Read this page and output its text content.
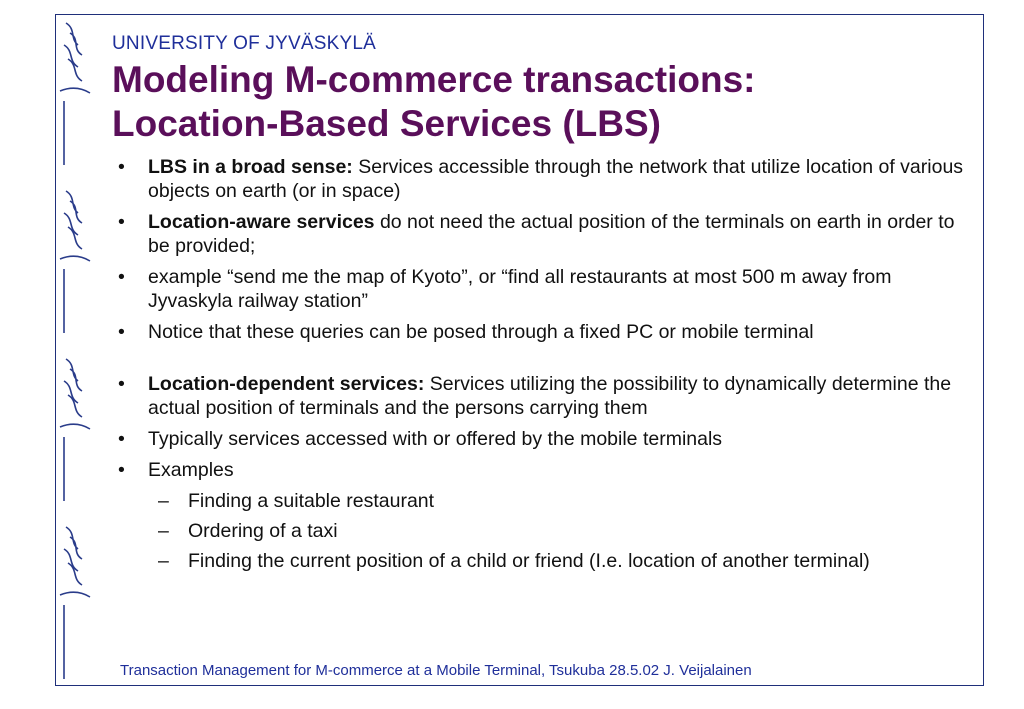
UNIVERSITY OF JYVÄSKYLÄ
Modeling M-commerce transactions:
Location-Based Services (LBS)
• LBS in a broad sense: Services accessible through the network that utilize location of various objects on earth (or in space)
• Location-aware services do not need the actual position of the terminals on earth in order to be provided;
• example “send me the map of Kyoto”, or “find all restaurants at most 500 m away from Jyvaskyla railway station”
• Notice that these queries can be posed through a fixed PC or mobile terminal
• Location-dependent services: Services utilizing the possibility to dynamically determine the actual position of terminals and the persons carrying them
• Typically services accessed with or offered by the mobile terminals
• Examples
– Finding a suitable restaurant
– Ordering of a taxi
– Finding the current position of a child or friend (I.e. location of another terminal)
Transaction Management for M-commerce at a Mobile Terminal, Tsukuba 28.5.02 J. Veijalainen
